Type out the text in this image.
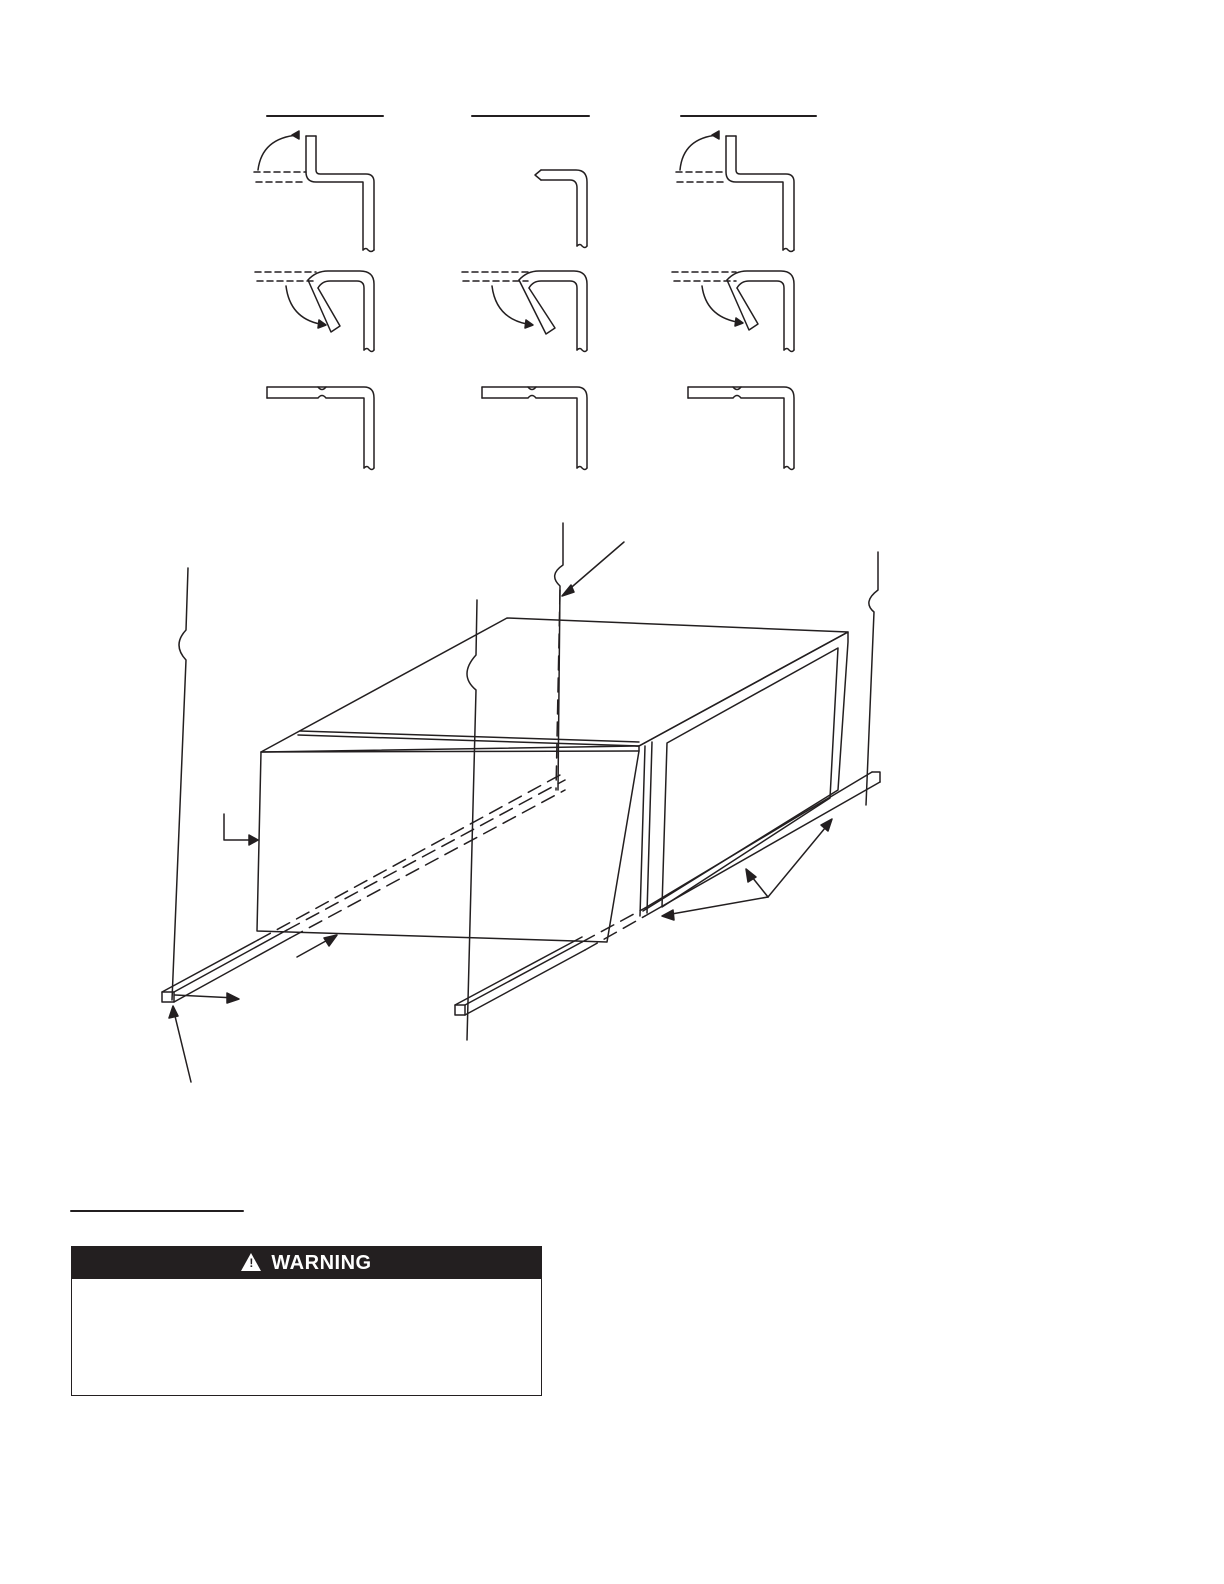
! WARNING
